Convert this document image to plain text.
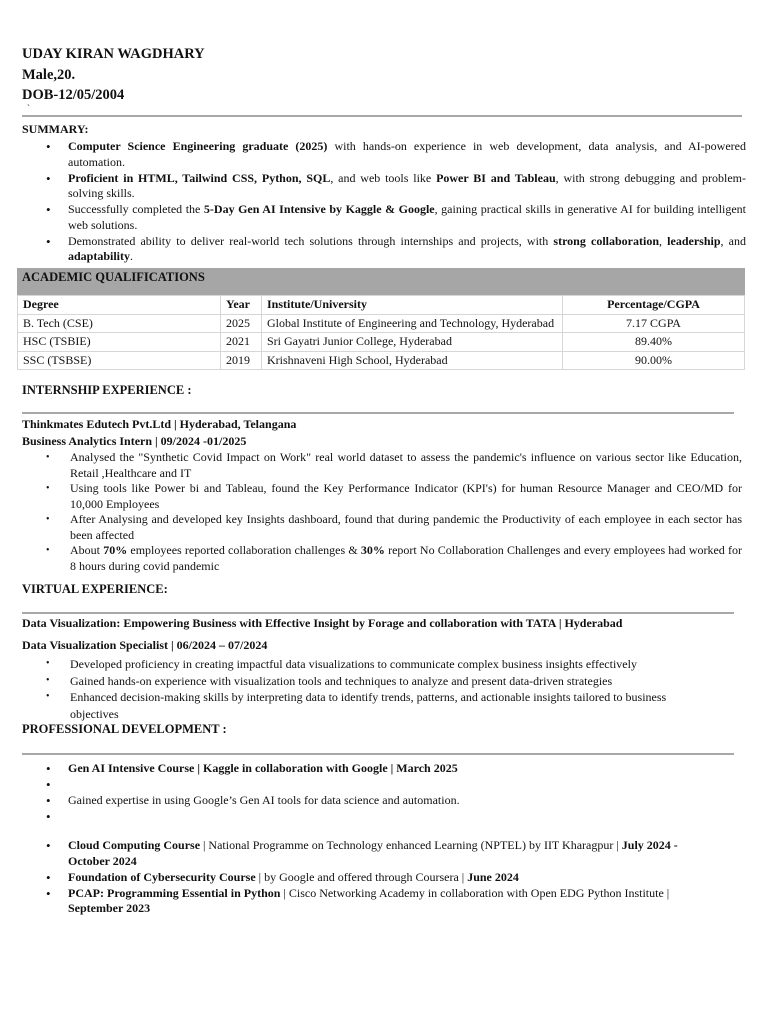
UDAY KIRAN WAGDHARY
Male,20.
DOB-12/05/2004
`
SUMMARY:
• Computer Science Engineering graduate (2025) with hands-on experience in web development, data analysis, and AI-powered automation.
• Proficient in HTML, Tailwind CSS, Python, SQL, and web tools like Power BI and Tableau, with strong debugging and problem-solving skills.
• Successfully completed the 5-Day Gen AI Intensive by Kaggle & Google, gaining practical skills in generative AI for building intelligent web solutions.
• Demonstrated ability to deliver real-world tech solutions through internships and projects, with strong collaboration, leadership, and adaptability.
ACADEMIC QUALIFICATIONS
Degree	Year	Institute/University	Percentage/CGPA
B. Tech (CSE)	2025	Global Institute of Engineering and Technology, Hyderabad	7.17 CGPA
HSC (TSBIE)	2021	Sri Gayatri Junior College, Hyderabad	89.40%
SSC (TSBSE)	2019	Krishnaveni High School, Hyderabad	90.00%
INTERNSHIP EXPERIENCE :
Thinkmates Edutech Pvt.Ltd | Hyderabad, Telangana
Business Analytics Intern | 09/2024 -01/2025
• Analysed the "Synthetic Covid Impact on Work" real world dataset to assess the pandemic's influence on various sector like Education, Retail ,Healthcare and IT
• Using tools like Power bi and Tableau, found the Key Performance Indicator (KPI's) for human Resource Manager and CEO/MD for 10,000 Employees
• After Analysing and developed key Insights dashboard, found that during pandemic the Productivity of each employee in each sector has been affected
• About 70% employees reported collaboration challenges & 30% report No Collaboration Challenges and every employees had worked for 8 hours during covid pandemic
VIRTUAL EXPERIENCE:
Data Visualization: Empowering Business with Effective Insight by Forage and collaboration with TATA | Hyderabad
Data Visualization Specialist | 06/2024 – 07/2024
• Developed proficiency in creating impactful data visualizations to communicate complex business insights effectively
• Gained hands-on experience with visualization tools and techniques to analyze and present data-driven strategies
• Enhanced decision-making skills by interpreting data to identify trends, patterns, and actionable insights tailored to business objectives
PROFESSIONAL DEVELOPMENT :
• Gen AI Intensive Course | Kaggle in collaboration with Google | March 2025
•
• Gained expertise in using Google’s Gen AI tools for data science and automation.
•
• Cloud Computing Course | National Programme on Technology enhanced Learning (NPTEL) by IIT Kharagpur | July 2024 - October 2024
• Foundation of Cybersecurity Course | by Google and offered through Coursera | June 2024
• PCAP: Programming Essential in Python | Cisco Networking Academy in collaboration with Open EDG Python Institute | September 2023
